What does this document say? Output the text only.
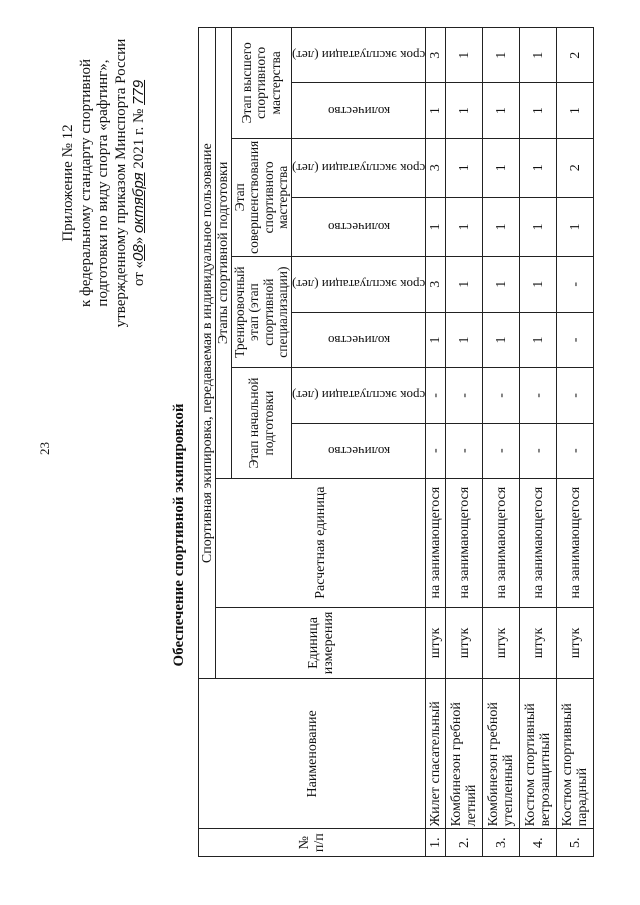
23
Приложение № 12 к федеральному стандарту спортивной подготовки по виду спорта «рафтинг», утвержденному приказом Минспорта России от «08» октября 2021 г. № 779
Обеспечение спортивной экипировкой
№ п/п	Наименование	Спортивная экипировка, передаваемая в индивидуальное пользование									
		Единица измерения	Расчетная единица	Этапы спортивной подготовки							
				Этап начальной подготовки		Тренировочный этап (этап спортивной специализации)		Этап совершенствования спортивного мастерства		Этап высшего спортивного мастерства	

				количество	срок эксплуатации (лет)	количество	срок эксплуатации (лет)	количество	срок эксплуатации (лет)	количество	срок эксплуатации (лет)

1.	Жилет спасательный	штук	на занимающегося	-	-	1	3	1	3	1	3
2.	Комбинезон гребной летний	штук	на занимающегося	-	-	1	1	1	1	1	1
3.	Комбинезон гребной утепленный	штук	на занимающегося	-	-	1	1	1	1	1	1
4.	Костюм спортивный ветрозащитный	штук	на занимающегося	-	-	1	1	1	1	1	1
5.	Костюм спортивный парадный	штук	на занимающегося	-	-	-	-	1	2	1	2
